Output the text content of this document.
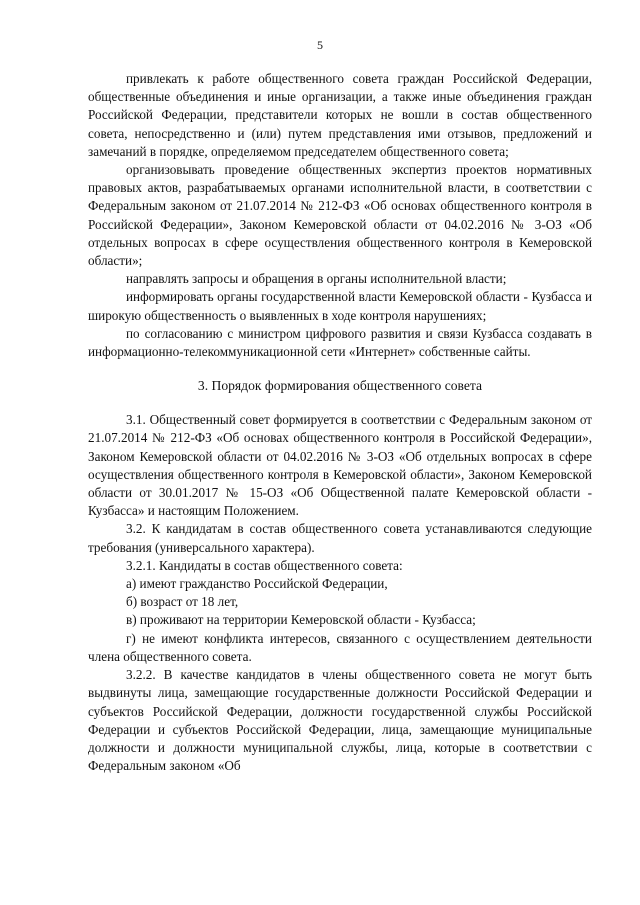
5

привлекать к работе общественного совета граждан Российской Федерации, общественные объединения и иные организации, а также иные объединения граждан Российской Федерации, представители которых не вошли в состав общественного совета, непосредственно и (или) путем представления ими отзывов, предложений и замечаний в порядке, определяемом председателем общественного совета;

организовывать проведение общественных экспертиз проектов нормативных правовых актов, разрабатываемых органами исполнительной власти, в соответствии с Федеральным законом от 21.07.2014 № 212-ФЗ «Об основах общественного контроля в Российской Федерации», Законом Кемеровской области от 04.02.2016 № 3-ОЗ «Об отдельных вопросах в сфере осуществления общественного контроля в Кемеровской области»;

направлять запросы и обращения в органы исполнительной власти;

информировать органы государственной власти Кемеровской области - Кузбасса и широкую общественность о выявленных в ходе контроля нарушениях;

по согласованию с министром цифрового развития и связи Кузбасса создавать в информационно-телекоммуникационной сети «Интернет» собственные сайты.

3. Порядок формирования общественного совета

3.1. Общественный совет формируется в соответствии с Федеральным законом от 21.07.2014 № 212-ФЗ «Об основах общественного контроля в Российской Федерации», Законом Кемеровской области от 04.02.2016 № 3-ОЗ «Об отдельных вопросах в сфере осуществления общественного контроля в Кемеровской области», Законом Кемеровской области от 30.01.2017 № 15-ОЗ «Об Общественной палате Кемеровской области - Кузбасса» и настоящим Положением.

3.2. К кандидатам в состав общественного совета устанавливаются следующие требования (универсального характера).

3.2.1. Кандидаты в состав общественного совета:

а) имеют гражданство Российской Федерации,

б) возраст от 18 лет,

в) проживают на территории Кемеровской области - Кузбасса;

г) не имеют конфликта интересов, связанного с осуществлением деятельности члена общественного совета.

3.2.2. В качестве кандидатов в члены общественного совета не могут быть выдвинуты лица, замещающие государственные должности Российской Федерации и субъектов Российской Федерации, должности государственной службы Российской Федерации и субъектов Российской Федерации, лица, замещающие муниципальные должности и должности муниципальной службы, лица, которые в соответствии с Федеральным законом «Об
